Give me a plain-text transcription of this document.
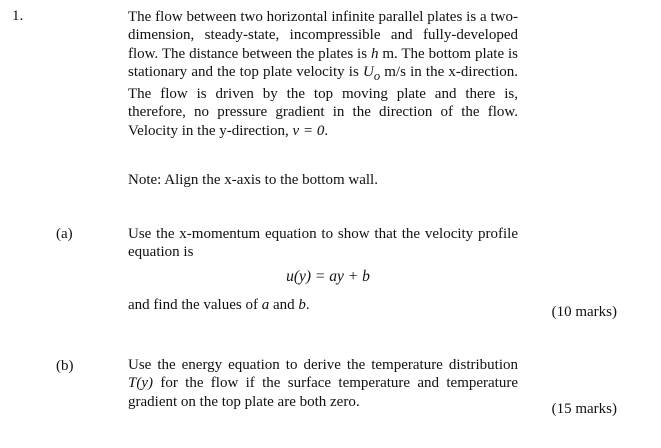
1.	The flow between two horizontal infinite parallel plates is a two-dimension, steady-state, incompressible and fully-developed flow. The distance between the plates is h m. The bottom plate is stationary and the top plate velocity is $U_o$ m/s in the x-direction. The flow is driven by the top moving plate and there is, therefore, no pressure gradient in the direction of the flow. Velocity in the y-direction, v = 0.
Note: Align the x-axis to the bottom wall.
(a)	Use the x-momentum equation to show that the velocity profile equation is
u(y) = ay + b
and find the values of a and b.	(10 marks)
(b)	Use the energy equation to derive the temperature distribution T(y) for the flow if the surface temperature and temperature gradient on the top plate are both zero.	(15 marks)
